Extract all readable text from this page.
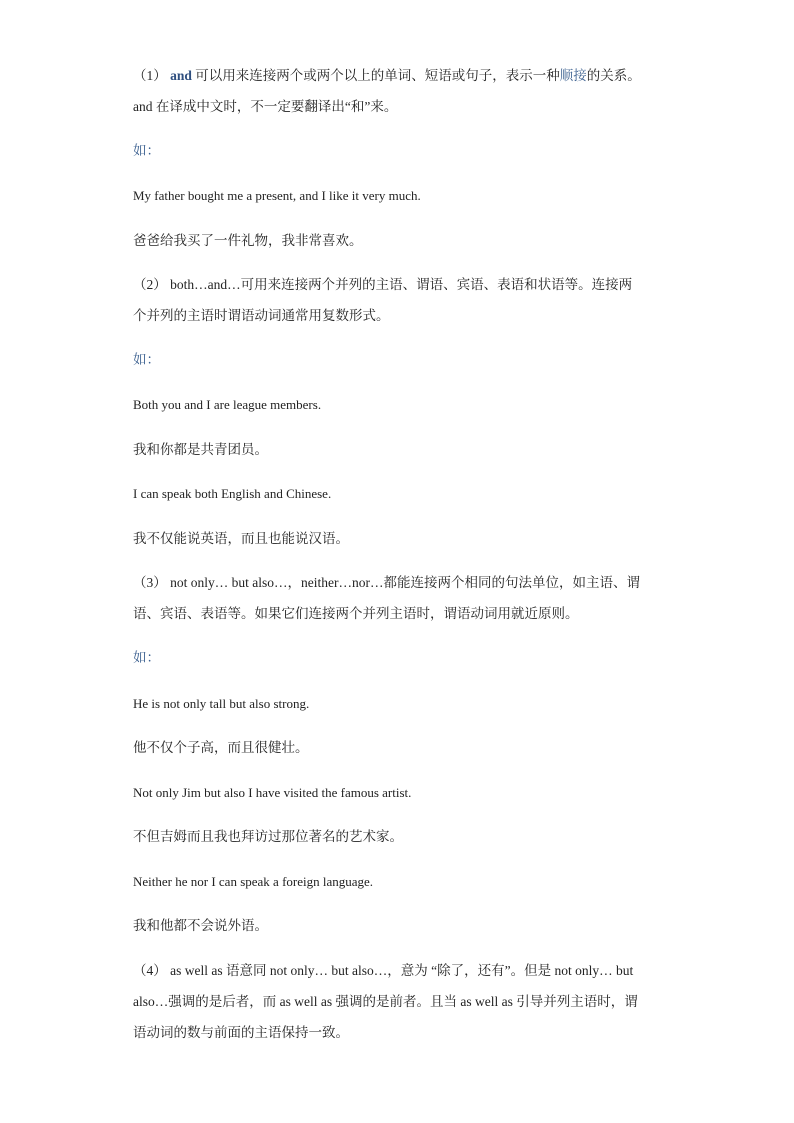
（1） and 可以用来连接两个或两个以上的单词、短语或句子，表示一种顺接的关系。
and 在译成中文时，不一定要翻译出“和”来。
如：
My father bought me a present, and I like it very much.
爸爸给我买了一件礼物，我非常喜欢。
（2） both…and…可用来连接两个并列的主语、谓语、宾语、表语和状语等。连接两
个并列的主语时谓语动词通常用复数形式。
如：
Both you and I are league members.
我和你都是共青团员。
I can speak both English and Chinese.
我不仅能说英语，而且也能说汉语。
（3） not only… but also…，neither…nor…都能连接两个相同的句法单位，如主语、谓
语、宾语、表语等。如果它们连接两个并列主语时，谓语动词用就近原则。
如：
He is not only tall but also strong.
他不仅个子高，而且很健壮。
Not only Jim but also I have visited the famous artist.
不但吉姆而且我也拜访过那位著名的艺术家。
Neither he nor I can speak a foreign language.
我和他都不会说外语。
（4） as well as 语意同 not only… but also…，意为 “除了，还有”。但是 not only… but
also…强调的是后者，而 as well as 强调的是前者。且当 as well as 引导并列主语时，谓
语动词的数与前面的主语保持一致。
